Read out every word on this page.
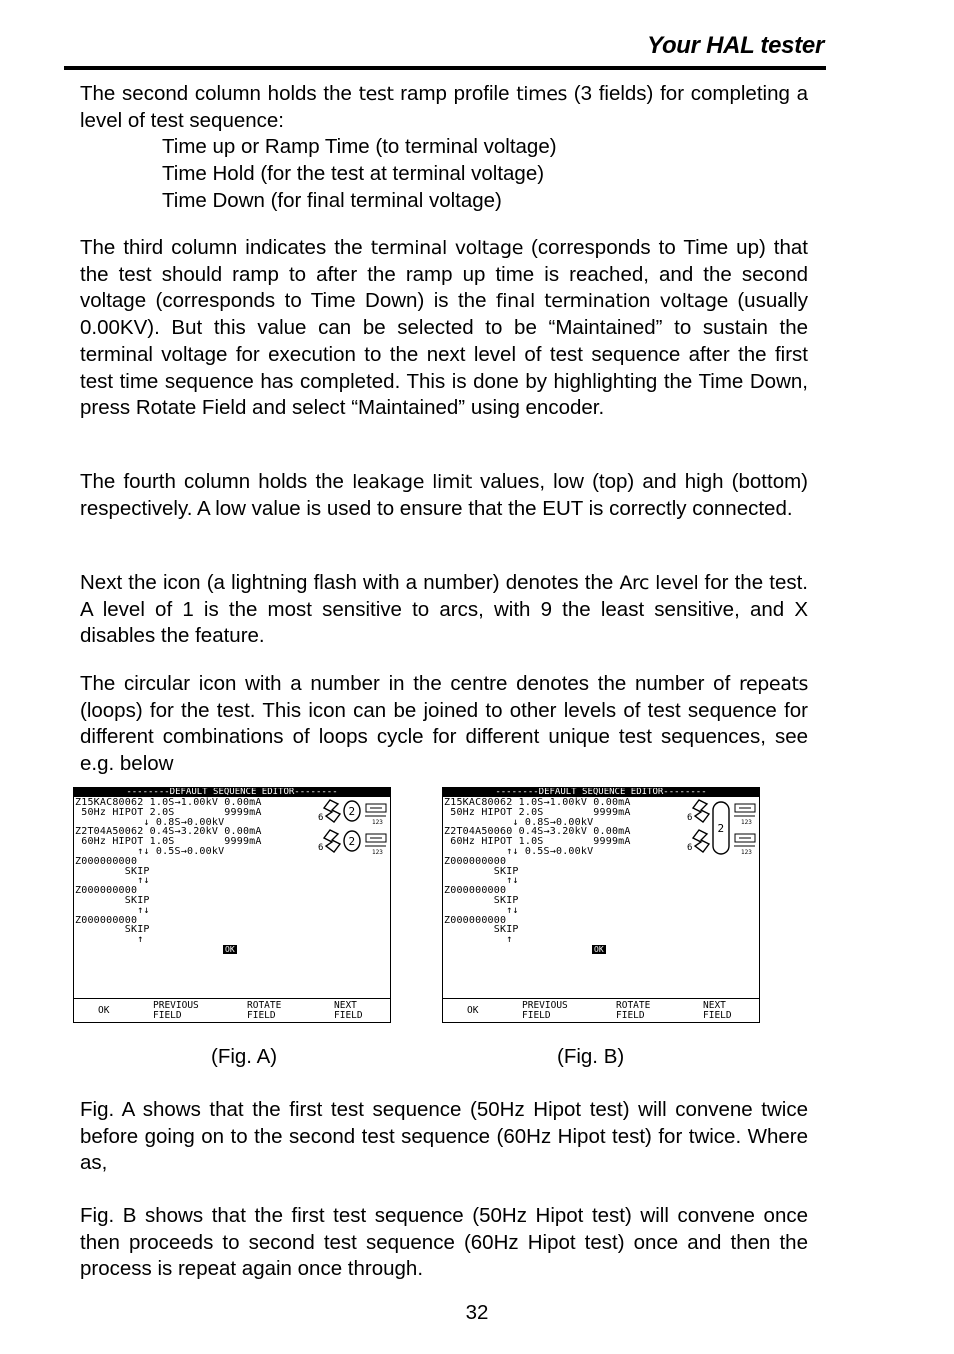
Your HAL tester

The second column holds the test ramp profile times (3 fields) for completing a level of test sequence:

Time up or Ramp Time (to terminal voltage)

Time Hold (for the test at terminal voltage)

Time Down (for final terminal voltage)

The third column indicates the terminal voltage (corresponds to Time up) that the test should ramp to after the ramp up time is reached, and the second voltage (corresponds to Time Down) is the final termination voltage (usually 0.00KV). But this value can be selected to be “Maintained” to sustain the terminal voltage for execution to the next level of test sequence after the first test time sequence has completed. This is done by highlighting the Time Down, press Rotate Field and select “Maintained” using encoder.

The fourth column holds the leakage limit values, low (top) and high (bottom) respectively. A low value is used to ensure that the EUT is correctly connected.

Next the icon (a lightning flash with a number) denotes the Arc level for the test. A level of 1 is the most sensitive to arcs, with 9 the least sensitive, and X disables the feature.

The circular icon with a number in the centre denotes the number of repeats (loops) for the test. This icon can be joined to other levels of test sequence for different combinations of loops cycle for different unique test sequences, see e.g. below

--------DEFAULT SEQUENCE EDITOR--------
Z15KAC80062 1.0S→1.00kV 0.00mA
50Hz HIPOT 2.0S        9999mA
↓ 0.8S→0.00kV
Z2T04A50062 0.4S→3.20kV 0.00mA
60Hz HIPOT 1.0S        9999mA
↑↓ 0.5S→0.00kV
Z000000000
SKIP
↑↓
Z000000000
SKIP
↑↓
Z000000000
SKIP
↑
OK
OK	PREVIOUS
FIELD
ROTATE
FIELD
NEXT
FIELD
6 2
6 2
123
123
--------DEFAULT SEQUENCE EDITOR--------
Z15KAC80062 1.0S→1.00kV 0.00mA
50Hz HIPOT 2.0S        9999mA
↓ 0.8S→0.00kV
Z2T04A50060 0.4S→3.20kV 0.00mA
60Hz HIPOT 1.0S        9999mA
↑↓ 0.5S→0.00kV
Z000000000
SKIP
↑↓
Z000000000
SKIP
↑↓
Z000000000
SKIP
↑
OK
OK	PREVIOUS
FIELD
ROTATE
FIELD
NEXT
FIELD
6
6
2	123
123
(Fig. A)	(Fig. B)

Fig. A shows that the first test sequence (50Hz Hipot test) will convene twice before going on to the second test sequence (60Hz Hipot test) for twice. Where as,

Fig. B shows that the first test sequence (50Hz Hipot test) will convene once then proceeds to second test sequence (60Hz Hipot test) once and then the process is repeat again once through.

32
